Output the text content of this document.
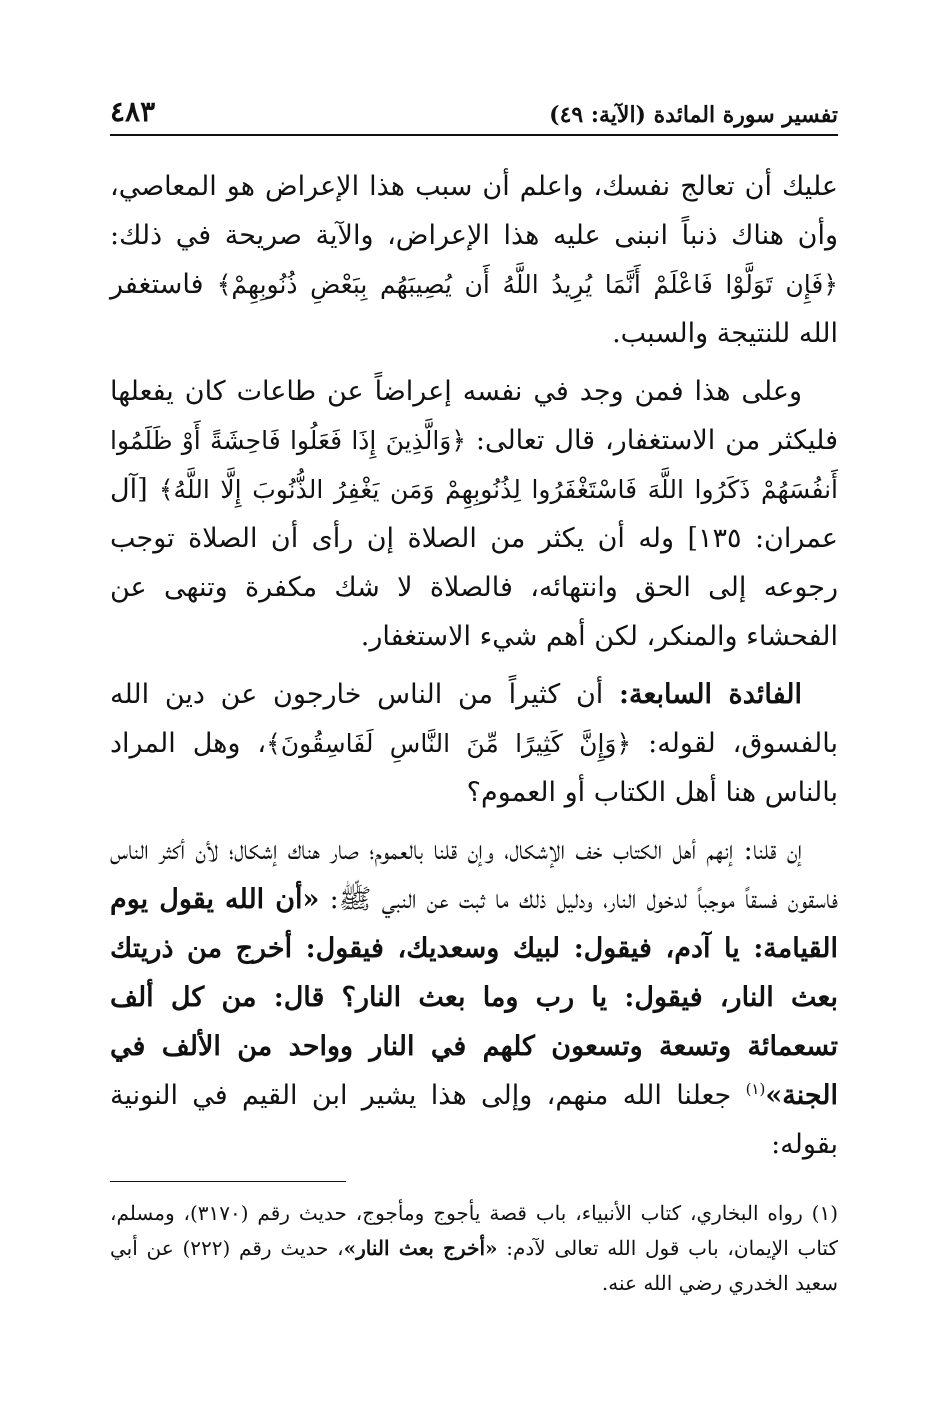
تفسير سورة المائدة (الآية: ٤٩)
٤٨٣

عليك أن تعالج نفسك، واعلم أن سبب هذا الإعراض هو المعاصي، وأن هناك ذنباً انبنى عليه هذا الإعراض، والآية صريحة في ذلك: ﴿فَإِن تَوَلَّوْا فَاعْلَمْ أَنَّمَا يُرِيدُ اللَّهُ أَن يُصِيبَهُم بِبَعْضِ ذُنُوبِهِمْ﴾ فاستغفر الله للنتيجة والسبب.

وعلى هذا فمن وجد في نفسه إعراضاً عن طاعات كان يفعلها فليكثر من الاستغفار، قال تعالى: ﴿وَالَّذِينَ إِذَا فَعَلُوا فَاحِشَةً أَوْ ظَلَمُوا أَنفُسَهُمْ ذَكَرُوا اللَّهَ فَاسْتَغْفَرُوا لِذُنُوبِهِمْ وَمَن يَغْفِرُ الذُّنُوبَ إِلَّا اللَّهُ﴾ [آل عمران: ١٣٥] وله أن يكثر من الصلاة إن رأى أن الصلاة توجب رجوعه إلى الحق وانتهائه، فالصلاة لا شك مكفرة وتنهى عن الفحشاء والمنكر، لكن أهم شيء الاستغفار.

الفائدة السابعة: أن كثيراً من الناس خارجون عن دين الله بالفسوق، لقوله: ﴿وَإِنَّ كَثِيرًا مِّنَ النَّاسِ لَفَاسِقُونَ﴾، وهل المراد بالناس هنا أهل الكتاب أو العموم؟

إن قلنا: إنهم أهل الكتاب خف الإشكال، وإن قلنا بالعموم؛ صار هناك إشكال؛ لأن أكثر الناس فاسقون فسقاً موجباً لدخول النار، ودليل ذلك ما ثبت عن النبي ﷺ: «أن الله يقول يوم القيامة: يا آدم، فيقول: لبيك وسعديك، فيقول: أخرج من ذريتك بعث النار، فيقول: يا رب وما بعث النار؟ قال: من كل ألف تسعمائة وتسعة وتسعون كلهم في النار وواحد من الألف في الجنة»$^{(١)}$ جعلنا الله منهم، وإلى هذا يشير ابن القيم في النونية بقوله:

(١) رواه البخاري، كتاب الأنبياء، باب قصة يأجوج ومأجوج، حديث رقم (٣١٧٠)، ومسلم، كتاب الإيمان، باب قول الله تعالى لآدم: «أخرج بعث النار»، حديث رقم (٢٢٢) عن أبي سعيد الخدري رضي الله عنه.
